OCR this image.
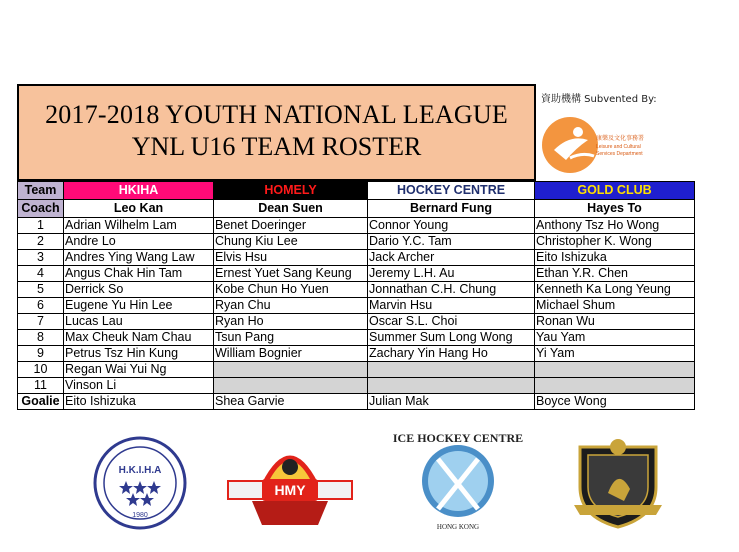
2017-2018 YOUTH NATIONAL LEAGUE
YNL U16 TEAM ROSTER
資助機構 Subvented By:
康樂及文化事務署
Leisure and Cultural
Services Department
Team	HKIHA	HOMELY	HOCKEY CENTRE	GOLD CLUB
Coach	Leo Kan	Dean Suen	Bernard Fung	Hayes To
1	Adrian Wilhelm Lam	Benet Doeringer	Connor Young	Anthony Tsz Ho Wong
2	Andre Lo	Chung Kiu Lee	Dario Y.C. Tam	Christopher K. Wong
3	Andres Ying Wang Law	Elvis Hsu	Jack Archer	Eito Ishizuka
4	Angus Chak Hin Tam	Ernest Yuet Sang Keung	Jeremy L.H. Au	Ethan Y.R. Chen
5	Derrick So	Kobe Chun Ho Yuen	Jonnathan C.H. Chung	Kenneth Ka Long Yeung
6	Eugene Yu Hin Lee	Ryan Chu	Marvin Hsu	Michael Shum
7	Lucas Lau	Ryan Ho	Oscar S.L. Choi	Ronan Wu
8	Max Cheuk Nam Chau	Tsun Pang	Summer Sum Long Wong	Yau Yam
9	Petrus Tsz Hin Kung	William Bognier	Zachary Yin Hang Ho	Yi Yam
10	Regan Wai Yui Ng			
11	Vinson Li			
Goalie	Eito Ishizuka	Shea Garvie	Julian Mak	Boyce Wong
H.K.I.H.A
1980
HMY
ICE HOCKEY CENTRE
HONG KONG
